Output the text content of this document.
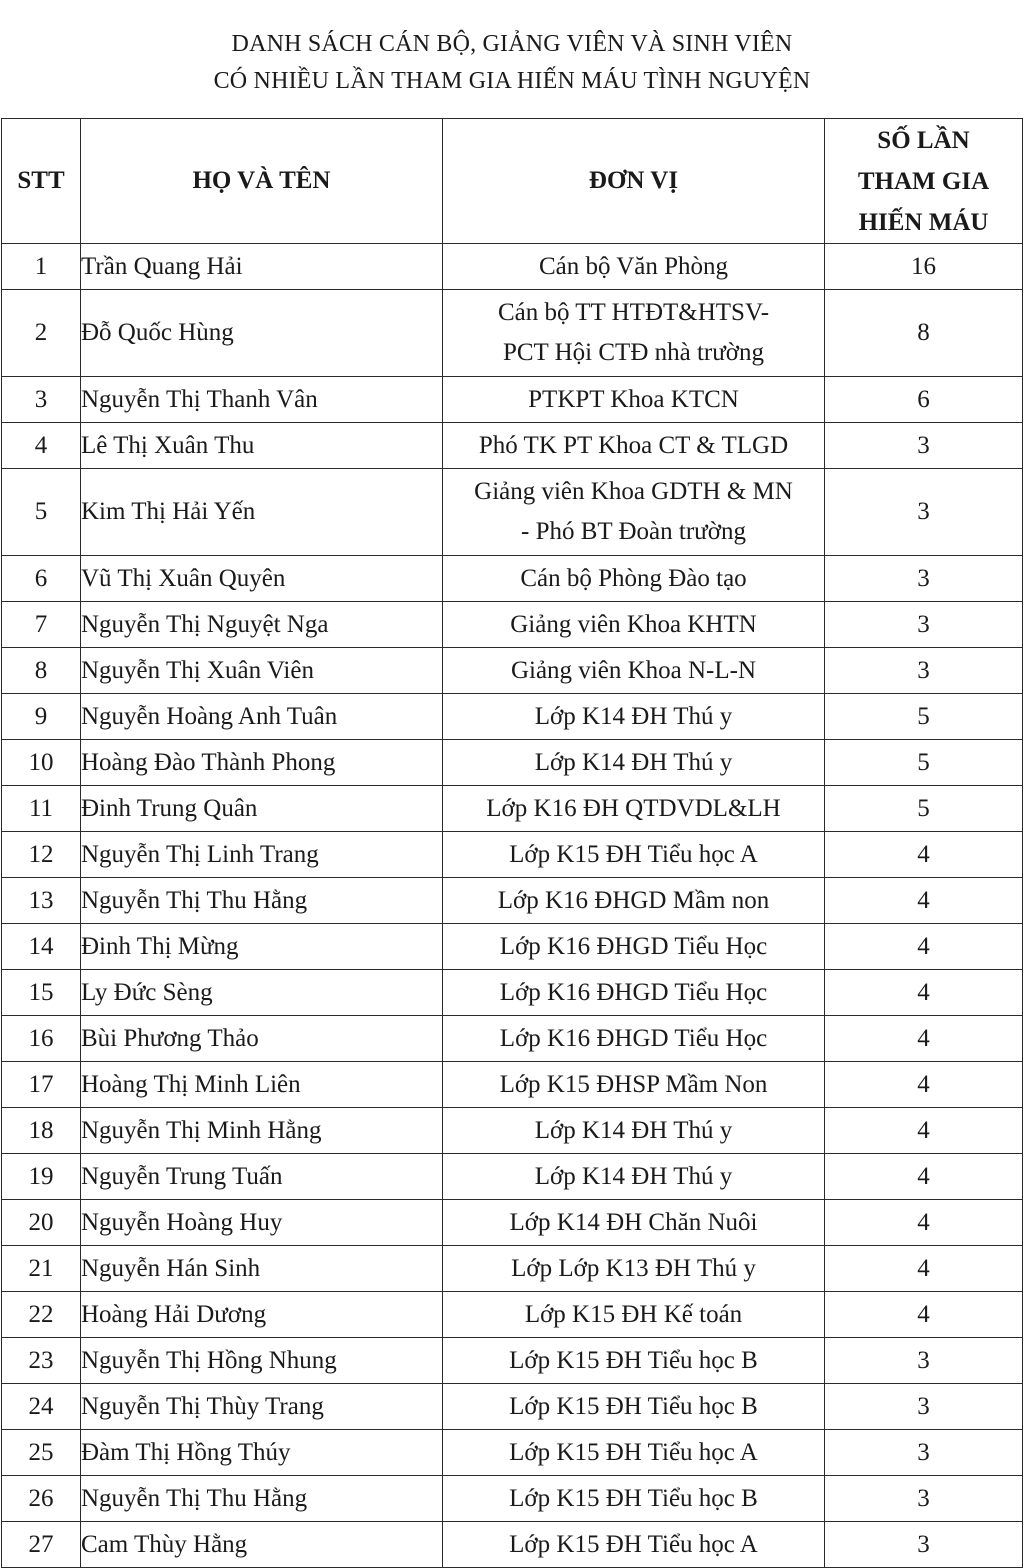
DANH SÁCH CÁN BỘ, GIẢNG VIÊN VÀ SINH VIÊN
CÓ NHIỀU LẦN THAM GIA HIẾN MÁU TÌNH NGUYỆN
STT	HỌ VÀ TÊN	ĐƠN VỊ	SỐ LẦN
THAM GIA
HIẾN MÁU

1	Trần Quang Hải	Cán bộ Văn Phòng	16
2	Đỗ Quốc Hùng	Cán bộ TT HTĐT&HTSV-
PCT Hội CTĐ nhà trường	8
3	Nguyễn Thị Thanh Vân	PTKPT Khoa KTCN	6
4	Lê Thị Xuân Thu	Phó TK PT Khoa CT & TLGD	3
5	Kim Thị Hải Yến	Giảng viên Khoa GDTH & MN
- Phó BT Đoàn trường	3
6	Vũ Thị Xuân Quyên	Cán bộ Phòng Đào tạo	3
7	Nguyễn Thị Nguyệt Nga	Giảng viên Khoa KHTN	3
8	Nguyễn Thị Xuân Viên	Giảng viên Khoa N-L-N	3
9	Nguyễn Hoàng Anh Tuân	Lớp K14 ĐH Thú y	5
10	Hoàng Đào Thành Phong	Lớp K14 ĐH Thú y	5
11	Đinh Trung Quân	Lớp K16 ĐH QTDVDL&LH	5
12	Nguyễn Thị Linh Trang	Lớp K15 ĐH Tiểu học A	4
13	Nguyễn Thị Thu Hằng	Lớp K16 ĐHGD Mầm non	4
14	Đinh Thị Mừng	Lớp K16 ĐHGD Tiểu Học	4
15	Ly Đức Sèng	Lớp K16 ĐHGD Tiểu Học	4
16	Bùi Phương Thảo	Lớp K16 ĐHGD Tiểu Học	4
17	Hoàng Thị Minh Liên	Lớp K15 ĐHSP Mầm Non	4
18	Nguyễn Thị Minh Hằng	Lớp K14 ĐH Thú y	4
19	Nguyễn Trung Tuấn	Lớp K14 ĐH Thú y	4
20	Nguyễn Hoàng Huy	Lớp K14 ĐH Chăn Nuôi	4
21	Nguyễn Hán Sinh	Lớp Lớp K13 ĐH Thú y	4
22	Hoàng Hải Dương	Lớp K15 ĐH Kế toán	4
23	Nguyễn Thị Hồng Nhung	Lớp K15 ĐH Tiểu học B	3
24	Nguyễn Thị Thùy Trang	Lớp K15 ĐH Tiểu học B	3
25	Đàm Thị Hồng Thúy	Lớp K15 ĐH Tiểu học A	3
26	Nguyễn Thị Thu Hằng	Lớp K15 ĐH Tiểu học B	3
27	Cam Thùy Hằng	Lớp K15 ĐH Tiểu học A	3
